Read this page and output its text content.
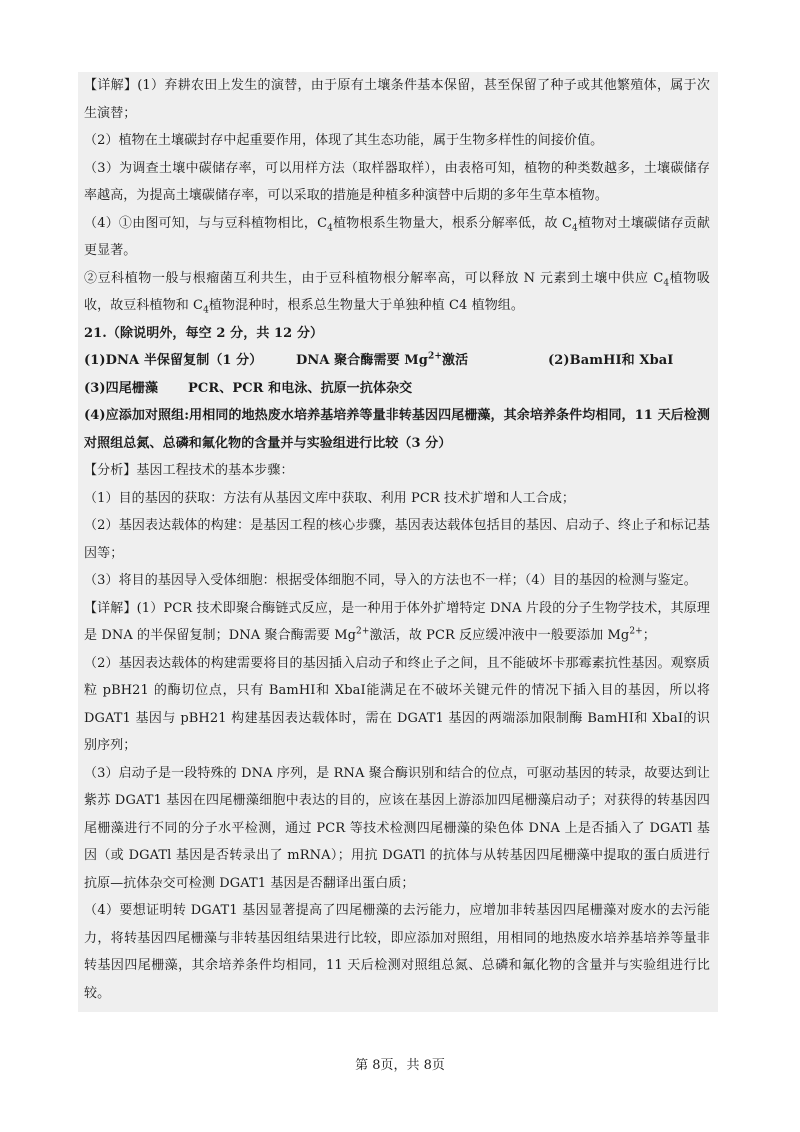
【详解】(1）弃耕农田上发生的演替，由于原有土壤条件基本保留，甚至保留了种子或其他繁殖体，属于次生演替；

（2）植物在土壤碳封存中起重要作用，体现了其生态功能，属于生物多样性的间接价值。

（3）为调查土壤中碳储存率，可以用样方法（取样器取样），由表格可知，植物的种类数越多，土壤碳储存率越高，为提高土壤碳储存率，可以采取的措施是种植多种演替中后期的多年生草本植物。

（4）①由图可知，与与豆科植物相比，$C_4$植物根系生物量大，根系分解率低，故 $C_4$植物对土壤碳储存贡献更显著。

②豆科植物一般与根瘤菌互利共生，由于豆科植物根分解率高，可以释放 N 元素到土壤中供应 $C_4$植物吸收，故豆科植物和 $C_4$植物混种时，根系总生物量大于单独种植 C4 植物组。

21.（除说明外，每空 2 分，共 12 分）

(1)DNA 半保留复制（1 分）	DNA 聚合酶需要 $Mg^{2+}$激活	(2)BamHI和 XbaI
(3)四尾栅藻	PCR、PCR 和电泳、抗原一抗体杂交

(4)应添加对照组:用相同的地热废水培养基培养等量非转基因四尾栅藻，其余培养条件均相同，11 天后检测对照组总氮、总磷和氟化物的含量并与实验组进行比较（3 分）

【分析】基因工程技术的基本步骤：

（1）目的基因的获取：方法有从基因文库中获取、利用 PCR 技术扩增和人工合成；

（2）基因表达载体的构建：是基因工程的核心步骤，基因表达载体包括目的基因、启动子、终止子和标记基因等；

（3）将目的基因导入受体细胞：根据受体细胞不同，导入的方法也不一样；（4）目的基因的检测与鉴定。

【详解】(1）PCR 技术即聚合酶链式反应，是一种用于体外扩增特定 DNA 片段的分子生物学技术，其原理是 DNA 的半保留复制；DNA 聚合酶需要 $Mg^{2+}$激活，故 PCR 反应缓冲液中一般要添加 $Mg^{2+}$；

（2）基因表达载体的构建需要将目的基因插入启动子和终止子之间，且不能破坏卡那霉素抗性基因。观察质粒 pBH21 的酶切位点，只有 BamHI和 XbaI能满足在不破坏关键元件的情况下插入目的基因，所以将 DGAT1 基因与 pBH21 构建基因表达载体时，需在 DGAT1 基因的两端添加限制酶 BamHI和 XbaI的识别序列；

（3）启动子是一段特殊的 DNA 序列，是 RNA 聚合酶识别和结合的位点，可驱动基因的转录，故要达到让紫苏 DGAT1 基因在四尾栅藻细胞中表达的目的，应该在基因上游添加四尾栅藻启动子；对获得的转基因四尾栅藻进行不同的分子水平检测，通过 PCR 等技术检测四尾栅藻的染色体 DNA 上是否插入了 DGATl 基因（或 DGATl 基因是否转录出了 mRNA）；用抗 DGATl 的抗体与从转基因四尾栅藻中提取的蛋白质进行抗原—抗体杂交可检测 DGAT1 基因是否翻译出蛋白质；

（4）要想证明转 DGAT1 基因显著提高了四尾栅藻的去污能力，应增加非转基因四尾栅藻对废水的去污能力，将转基因四尾栅藻与非转基因组结果进行比较，即应添加对照组，用相同的地热废水培养基培养等量非转基因四尾栅藻，其余培养条件均相同，11 天后检测对照组总氮、总磷和氟化物的含量并与实验组进行比较。

第 8页，共 8页
